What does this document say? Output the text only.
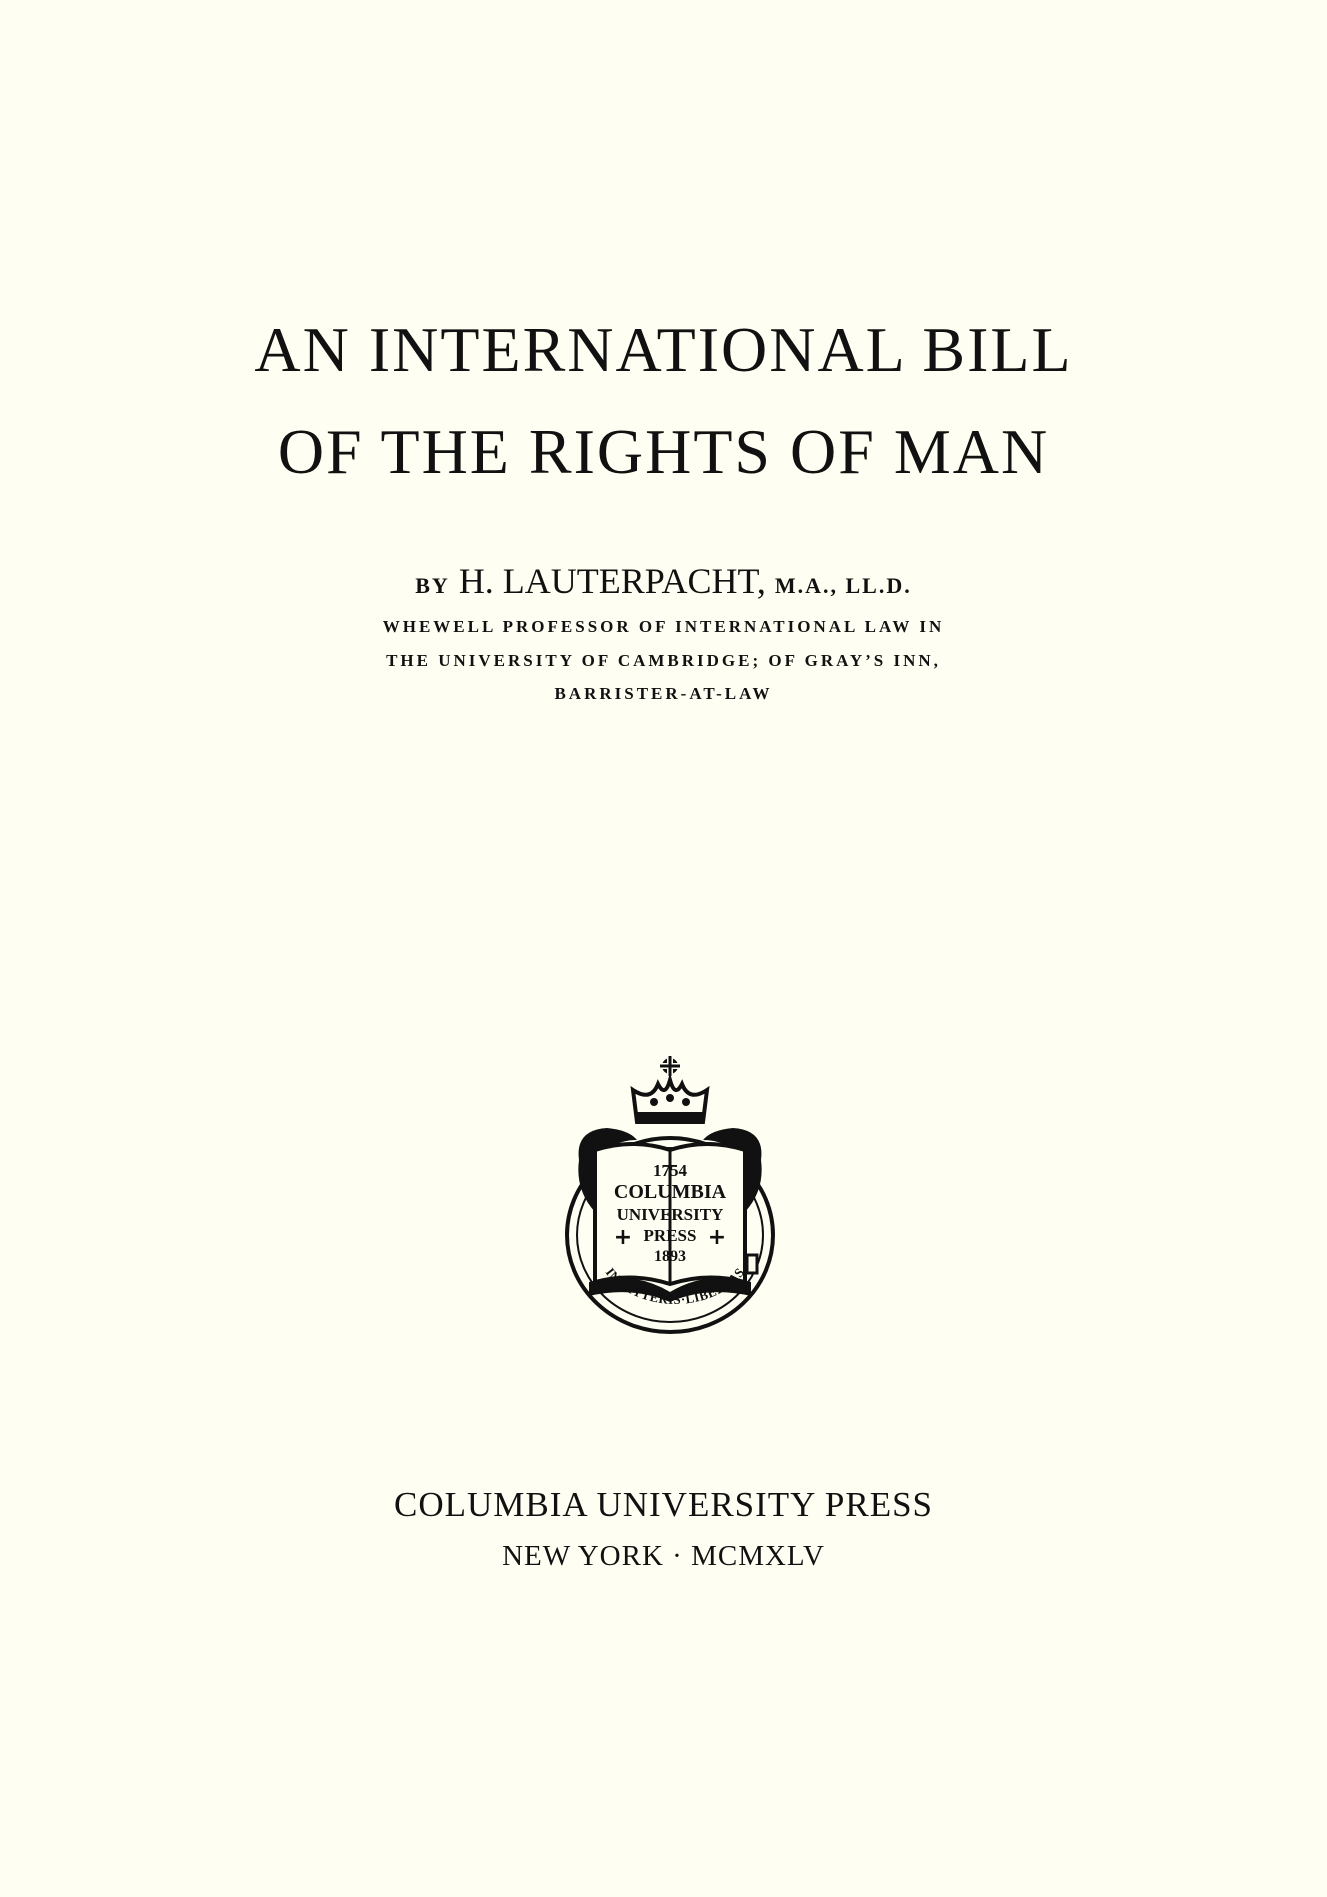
AN INTERNATIONAL BILL
OF THE RIGHTS OF MAN
BY H. LAUTERPACHT, M.A., LL.D.
WHEWELL PROFESSOR OF INTERNATIONAL LAW IN
THE UNIVERSITY OF CAMBRIDGE; OF GRAY’S INN,
BARRISTER-AT-LAW
1754
COLUMBIA
UNIVERSITY
PRESS
1893
+	+
IN·LITTERIS·LIBERTAS
COLUMBIA UNIVERSITY PRESS
NEW YORK · MCMXLV
